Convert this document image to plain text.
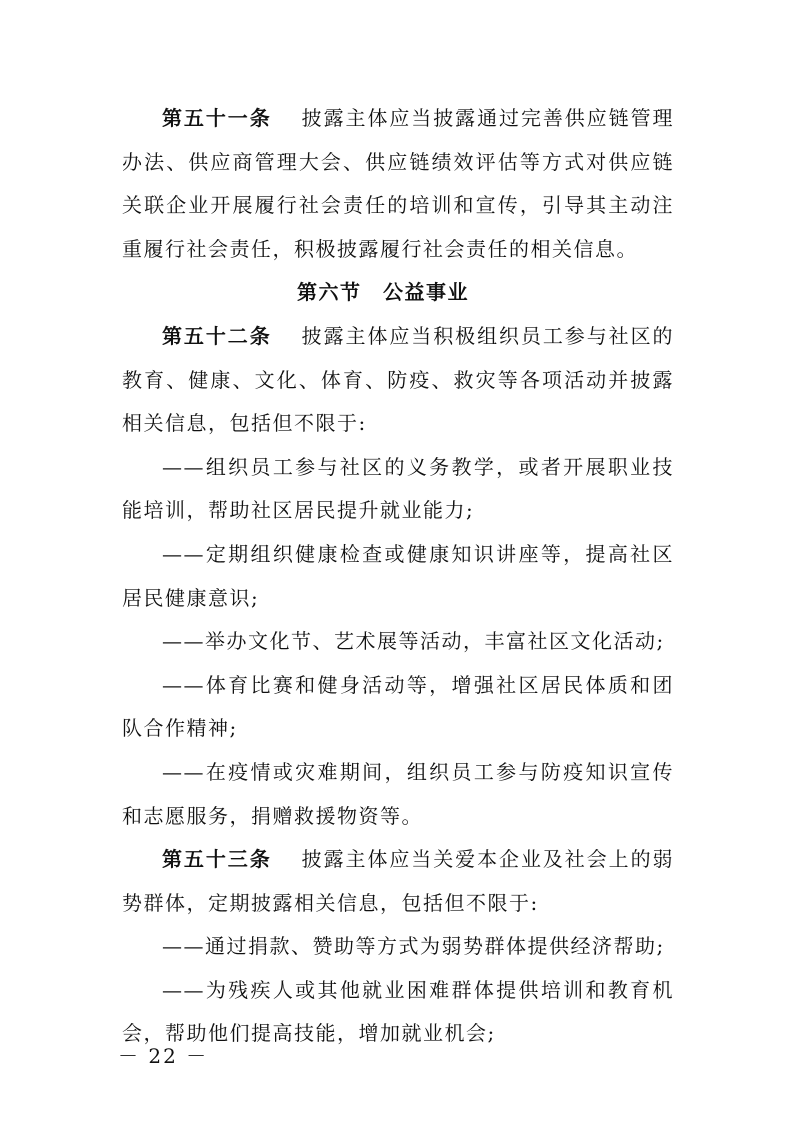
第五十一条 披露主体应当披露通过完善供应链管理办法、供应商管理大会、供应链绩效评估等方式对供应链关联企业开展履行社会责任的培训和宣传，引导其主动注重履行社会责任，积极披露履行社会责任的相关信息。

第六节　公益事业

第五十二条 披露主体应当积极组织员工参与社区的教育、健康、文化、体育、防疫、救灾等各项活动并披露相关信息，包括但不限于:

——组织员工参与社区的义务教学，或者开展职业技能培训，帮助社区居民提升就业能力;

——定期组织健康检查或健康知识讲座等，提高社区居民健康意识;

——举办文化节、艺术展等活动，丰富社区文化活动;

——体育比赛和健身活动等，增强社区居民体质和团队合作精神;

——在疫情或灾难期间，组织员工参与防疫知识宣传和志愿服务，捐赠救援物资等。

第五十三条 披露主体应当关爱本企业及社会上的弱势群体，定期披露相关信息，包括但不限于:

——通过捐款、赞助等方式为弱势群体提供经济帮助;

——为残疾人或其他就业困难群体提供培训和教育机会，帮助他们提高技能，增加就业机会;

－ 22 －
